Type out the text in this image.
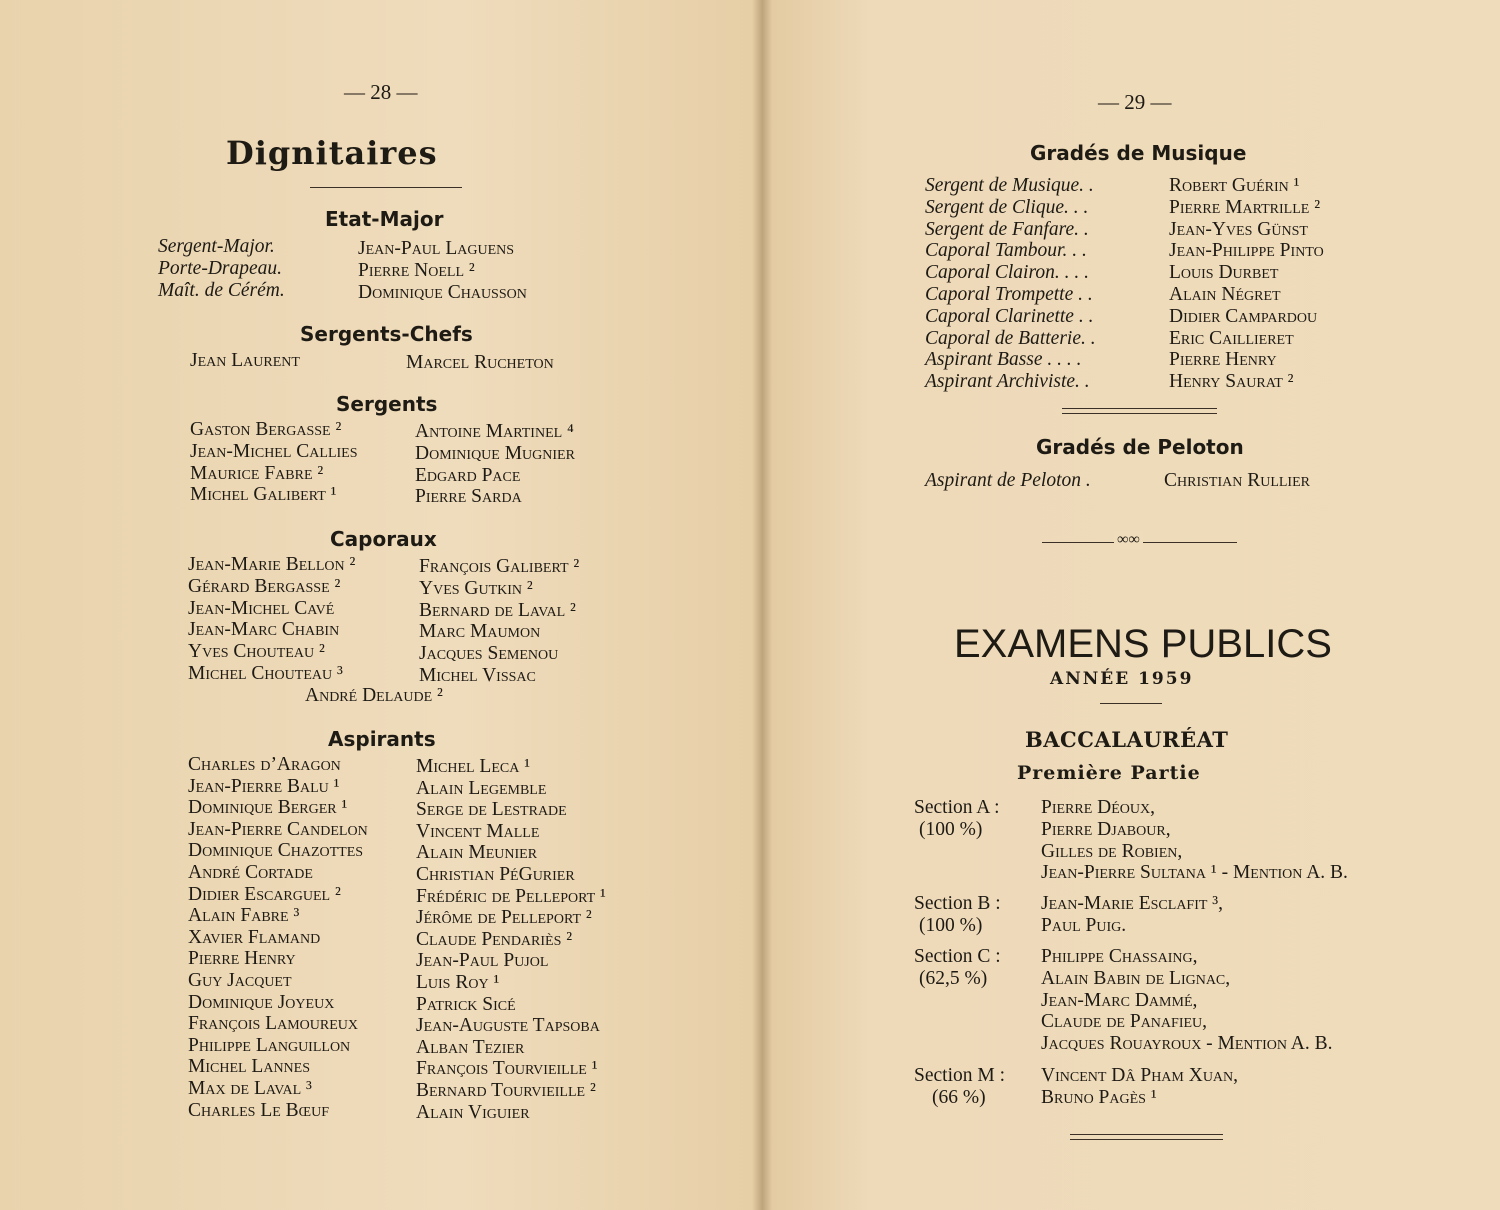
— 28 —
Dignitaires
Etat-Major
Sergent-Major.
Porte-Drapeau.
Maît. de Cérém.
Jean-Paul Laguens
Pierre Noell ²
Dominique Chausson
Sergents-Chefs
Jean Laurent	Marcel Rucheton
Sergents
Gaston Bergasse ²
Jean-Michel Callies
Maurice Fabre ²
Michel Galibert ¹
Antoine Martinel ⁴
Dominique Mugnier
Edgard Pace
Pierre Sarda
Caporaux
Jean-Marie Bellon ²
Gérard Bergasse ²
Jean-Michel Cavé
Jean-Marc Chabin
Yves Chouteau ²
Michel Chouteau ³
François Galibert ²
Yves Gutkin ²
Bernard de Laval ²
Marc Maumon
Jacques Semenou
Michel Vissac
André Delaude ²
Aspirants
Charles d’Aragon
Jean-Pierre Balu ¹
Dominique Berger ¹
Jean-Pierre Candelon
Dominique Chazottes
André Cortade
Didier Escarguel ²
Alain Fabre ³
Xavier Flamand
Pierre Henry
Guy Jacquet
Dominique Joyeux
François Lamoureux
Philippe Languillon
Michel Lannes
Max de Laval ³
Charles Le Bœuf
Michel Leca ¹
Alain Legemble
Serge de Lestrade
Vincent Malle
Alain Meunier
Christian PéGurier
Frédéric de Pelleport ¹
Jérôme de Pelleport ²
Claude Pendariès ²
Jean-Paul Pujol
Luis Roy ¹
Patrick Sicé
Jean-Auguste Tapsoba
Alban Tezier
François Tourvieille ¹
Bernard Tourvieille ²
Alain Viguier
— 29 —
Gradés de Musique
Sergent de Musique. .
Sergent de Clique. . .
Sergent de Fanfare. .
Caporal Tambour. . .
Caporal Clairon. . . .
Caporal Trompette . .
Caporal Clarinette . .
Caporal de Batterie. .
Aspirant Basse . . . .
Aspirant Archiviste. .
Robert Guérin ¹
Pierre Martrille ²
Jean-Yves Günst
Jean-Philippe Pinto
Louis Durbet
Alain Négret
Didier Campardou
Eric Caillieret
Pierre Henry
Henry Saurat ²
Gradés de Peloton
Aspirant de Peloton .	Christian Rullier
∞∞
EXAMENS PUBLICS
ANNÉE 1959
BACCALAURÉAT
Première Partie
Section A :
(100 %)
Pierre Déoux,
Pierre Djabour,
Gilles de Robien,
Jean-Pierre Sultana ¹ - Mention A. B.
Section B :
(100 %)
Jean-Marie Esclafit ³,
Paul Puig.
Section C :
(62,5 %)
Philippe Chassaing,
Alain Babin de Lignac,
Jean-Marc Dammé,
Claude de Panafieu,
Jacques Rouayroux - Mention A. B.
Section M :
(66 %)
Vincent Dâ Pham Xuan,
Bruno Pagès ¹
